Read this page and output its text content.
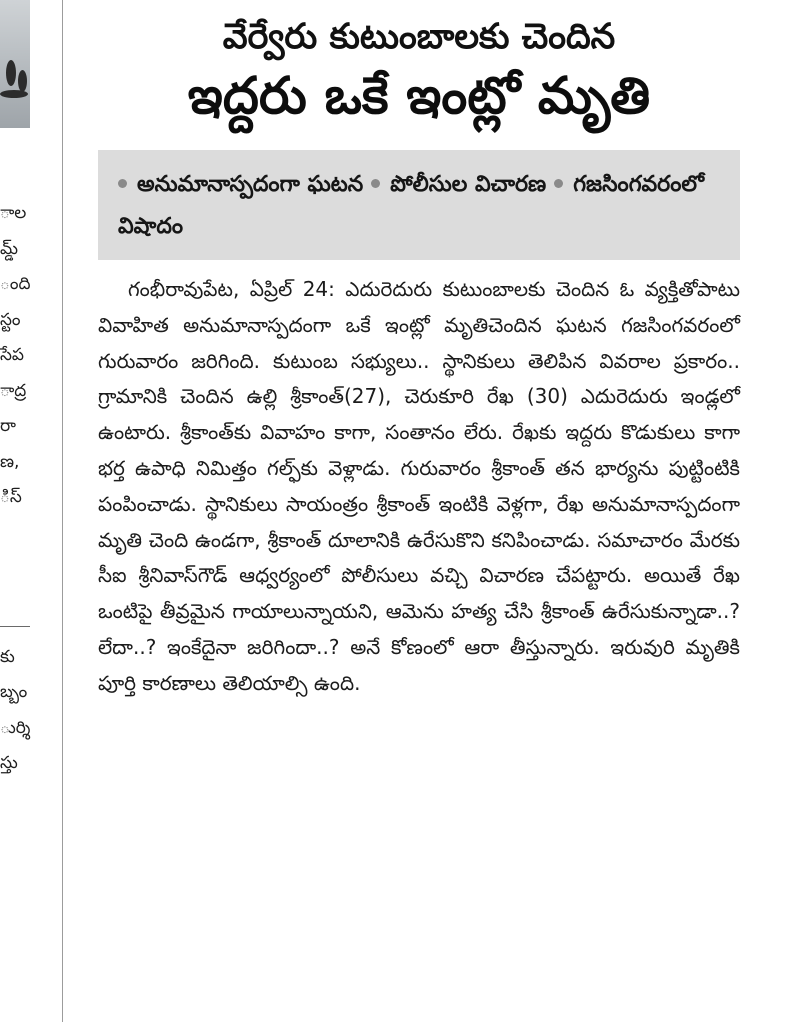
ాల
మ్డ్
ంది
స్టం
సేప
ాద్ర
రా
ణ,
ిస్
కు
బ్బం
ుర్శి
స్తు
వేర్వేరు కుటుంబాలకు చెందిన
ఇద్దరు ఒకే ఇంట్లో మృతి
అనుమానాస్పదంగా ఘటన పోలీసుల విచారణ గజసింగవరంలో విషాదం
గంభీరావుపేట, ఏప్రిల్ 24: ఎదురెదురు కుటుంబాలకు చెందిన ఓ వ్యక్తితోపాటు వివాహిత అనుమానాస్పదంగా ఒకే ఇంట్లో మృతిచెందిన ఘటన గజసింగవరంలో గురువారం జరిగింది. కుటుంబ సభ్యులు.. స్థానికులు తెలిపిన వివరాల ప్రకారం.. గ్రామానికి చెందిన ఉల్లి శ్రీకాంత్(27), చెరుకూరి రేఖ (30) ఎదురెదురు ఇండ్లలో ఉంటారు. శ్రీకాంత్‌కు వివాహం కాగా, సంతానం లేరు. రేఖకు ఇద్దరు కొడుకులు కాగా భర్త ఉపాధి నిమిత్తం గల్ఫ్‌కు వెళ్లాడు. గురువారం శ్రీకాంత్ తన భార్యను పుట్టింటికి పంపించాడు. స్థానికులు సాయంత్రం శ్రీకాంత్ ఇంటికి వెళ్లగా, రేఖ అనుమానాస్పదంగా మృతి చెంది ఉండగా, శ్రీకాంత్ దూలానికి ఉరేసుకొని కనిపించాడు. సమాచారం మేరకు సీఐ శ్రీనివాస్‌గౌడ్ ఆధ్వర్యంలో పోలీసులు వచ్చి విచారణ చేపట్టారు. అయితే రేఖ ఒంటిపై తీవ్రమైన గాయాలున్నాయని, ఆమెను హత్య చేసి శ్రీకాంత్ ఉరేసుకున్నాడా..? లేదా..? ఇంకేదైనా జరిగిందా..? అనే కోణంలో ఆరా తీస్తున్నారు. ఇరువురి మృతికి పూర్తి కారణాలు తెలియాల్సి ఉంది.
